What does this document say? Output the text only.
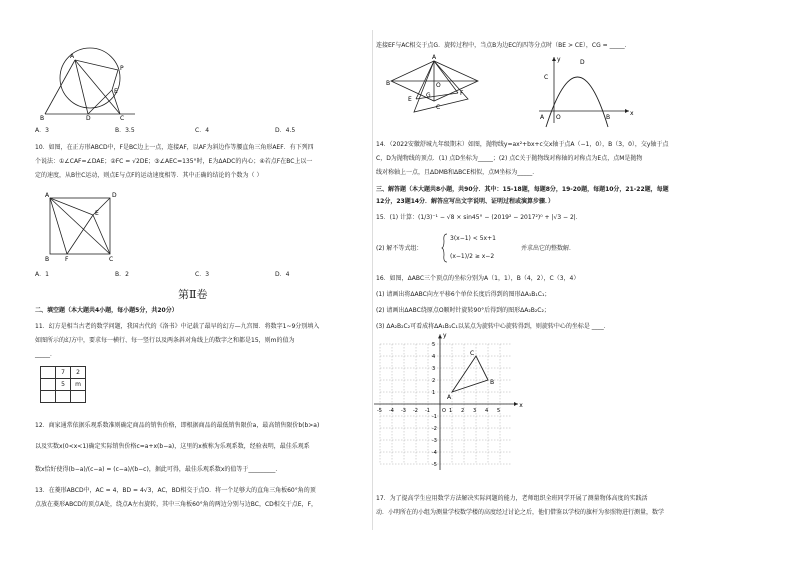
A
P
E
B	D	C
A．3	B．3.5	C．4	D．4.5
10．如图，在正方形ABCD中，F是BC边上一点，连接AF，以AF为斜边作等腰直角三角形AEF．有下列四
个说法：①∠CAF=∠DAE；②FC = √2DE；③∠AEC=135°时，E为ΔADC的内心；④若点F在BC上以一
定的速度，从B往C运动，则点E与点F的运动速度相等．其中正确的结论的个数为（ ）
A	D
E
B	F	C
A．1	B．2	C．3	D．4
第Ⅱ卷
二、填空题（本大题共4小题，每小题5分，共20分）
11．幻方是相当古老的数学问题，我国古代的《洛书》中记载了最早的幻方—九宫图．将数字1~9分别填入
如图所示的幻方中，要求每一横行、每一竖行以及两条斜对角线上的数字之和都是15，则m的值为
_____．
	7	2
	5	m

12．商家通常依据乐观系数准则确定商品的销售价格，即根据商品的最低销售限价a，最高销售限价b(b>a)
以及实数x(0<x<1)确定实际销售价格c=a+x(b−a)，这里的x被称为乐观系数，经验表明，最佳乐观系
数x恰好使得(b−a)/(c−a) = (c−a)/(b−c)，据此可得，最佳乐观系数x的值等于_________．
13．在菱形ABCD中，AC = 4，BD = 4√3，AC，BD相交于点O．将一个足够大的直角三角板60°角的顶
点放在菱形ABCD的顶点A处，绕点A左右旋转，其中三角板60°角的两边分别与边BC，CD相交于点E，F，
连接EF与AC相交于点G．旋转过程中，当点B为边EC的四等分点时（BE > CE），CG = _____．
A
B
E
F
G
C
O
y
C
D
A O	B
x
14．（2022安徽舒城九年级期末）如图，抛物线y=ax²+bx+c交x轴于点A（−1，0），B（3，0），交y轴于点
C，D为抛物线的顶点．(1) 点D坐标为_____；(2) 点C关于抛物线对称轴的对称点为E点，点M是抛物
线对称轴上一点，且ΔDMB和ΔBCE相似，点M坐标为_____．
三、解答题（本大题共8小题，共90分．其中：15-18题，每题8分，19-20题，每题10分，21-22题，每题
12分，23题14分．解答应写出文字说明、证明过程或演算步骤．）
15．(1) 计算：(1/3)⁻¹ − √8 × sin45° − (2019² − 2017²)⁰ + |√3 − 2|．
(2) 解不等式组：
3(x−1) < 5x+1
(x−1)/2 ≥ x−2
并求出它的整数解．
16．如图，ΔABC三个顶点的坐标分别为A（1，1），B（4，2），C（3，4）
(1) 请画出将ΔABC向左平移6个单位长度后得到的图形ΔA₁B₁C₁；
(2) 请画出ΔABC绕原点O顺时针旋转90°后得到的图形ΔA₂B₂C₂；
(3) ΔA₂B₂C₂可看成将ΔA₁B₁C₁以某点为旋转中心旋转得到，则旋转中心的坐标是 ____．
-5 -4 -3 -2 -1	1 2 3 4 5
5
4
3
2
1
-1
-2
-3
-4
-5
y
x
O
A
B
C
17．为了提高学生应用数学方法解决实际问题的能力，老师组织全班同学开展了测量物体高度的实践活
动．小明所在的小组为测量学校数学楼的高度经过讨论之后，他们借鉴以学校的旗杆为参照物进行测量，数学
